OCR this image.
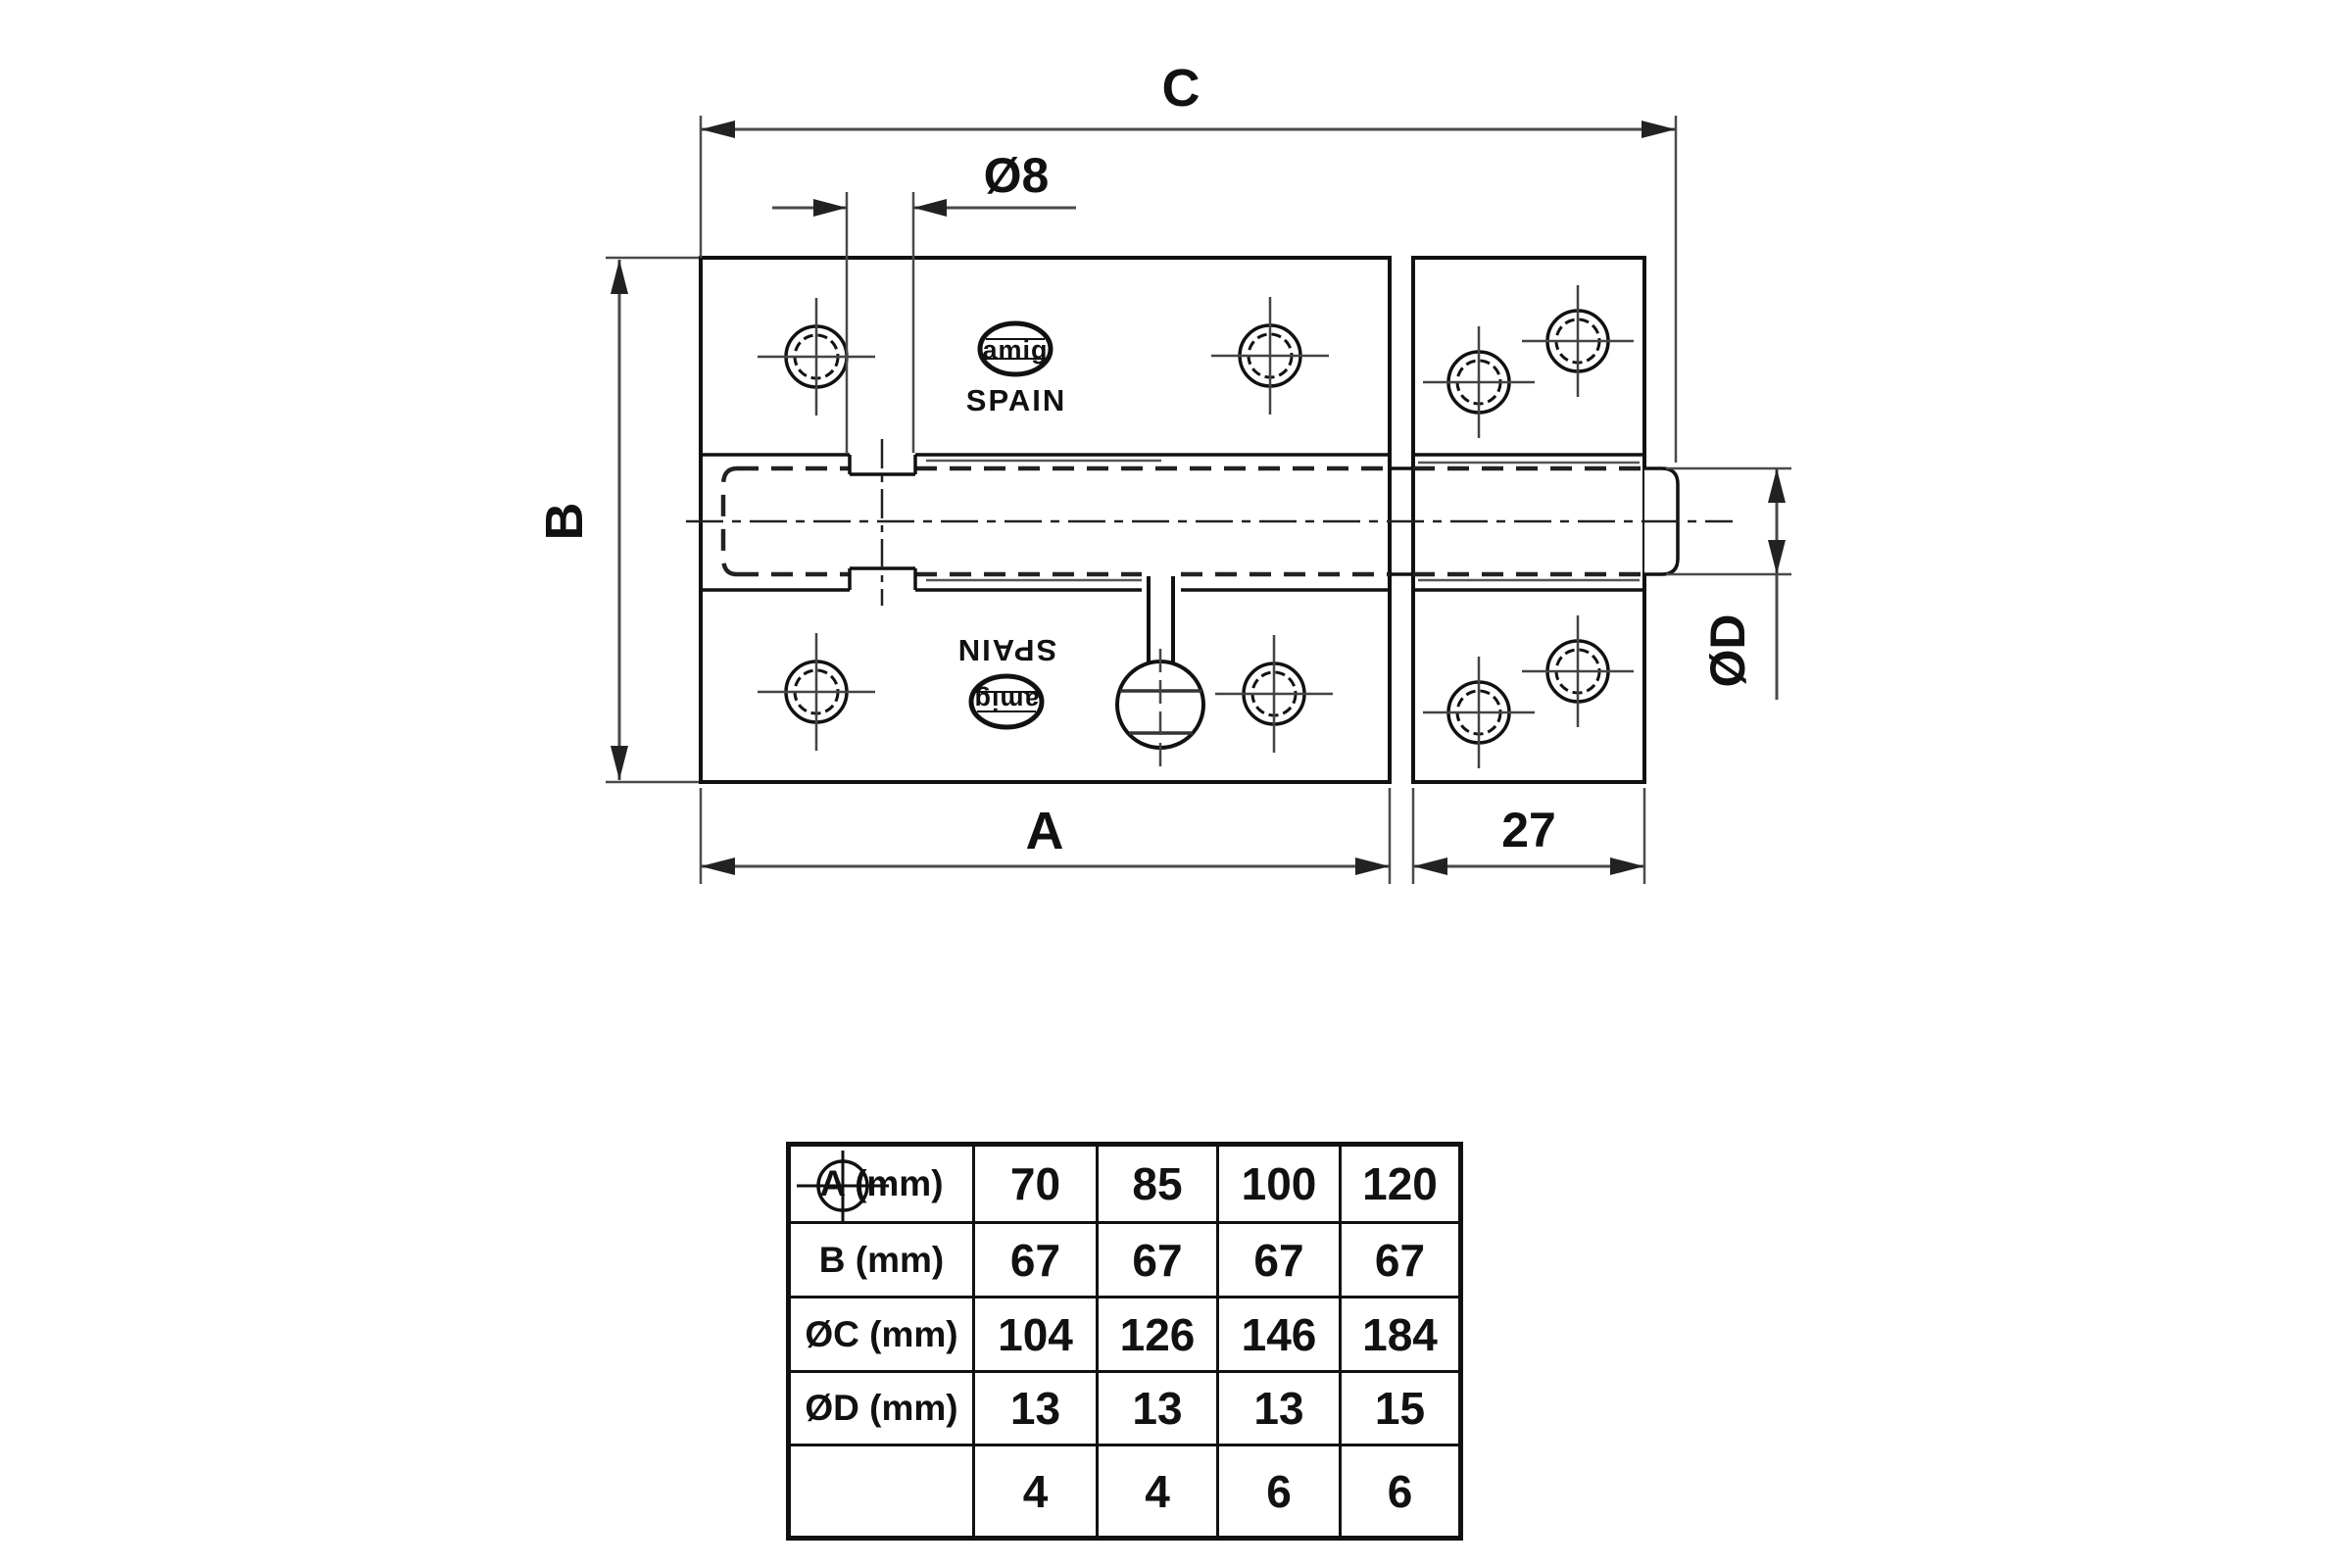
amig
SPAIN
amig
SPAIN
C
Ø8
B
A	27
ØD
A (mm)	70	85	100	120
B (mm)	67	67	67	67
ØC (mm)	104	126	146	184
ØD (mm)	13	13	13	15

	4	4	6	6
